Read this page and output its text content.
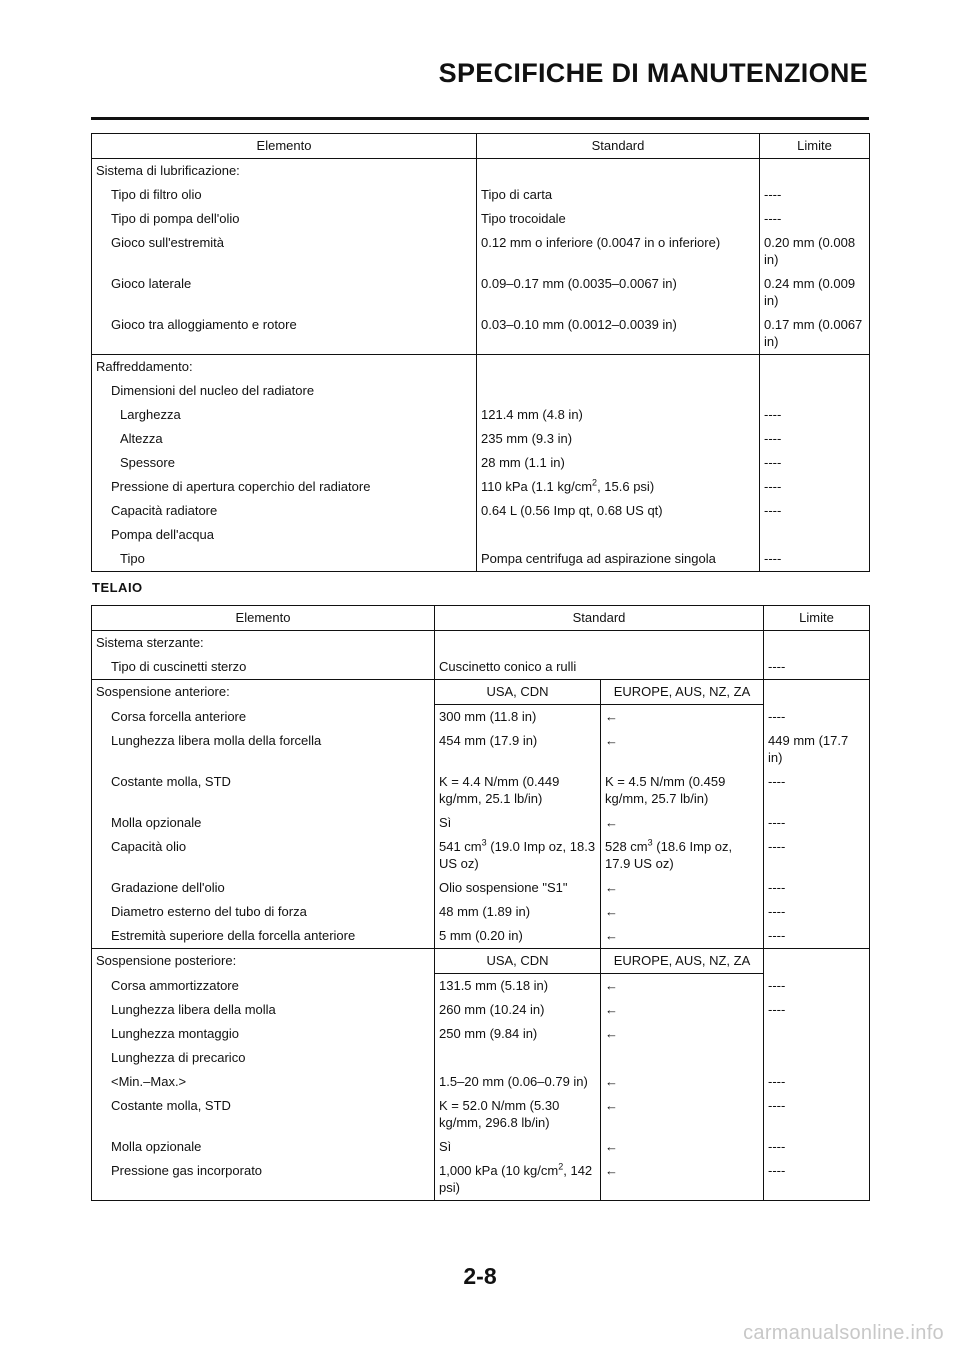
SPECIFICHE DI MANUTENZIONE
Elemento	Standard	Limite
Sistema di lubrificazione:		
Tipo di filtro olio	Tipo di carta	----
Tipo di pompa dell'olio	Tipo trocoidale	----
Gioco sull'estremità	0.12 mm o inferiore (0.0047 in o inferiore)	0.20 mm (0.008 in)
Gioco laterale	0.09–0.17 mm (0.0035–0.0067 in)	0.24 mm (0.009 in)
Gioco tra alloggiamento e rotore	0.03–0.10 mm (0.0012–0.0039 in)	0.17 mm (0.0067 in)
Raffreddamento:		
Dimensioni del nucleo del radiatore		
Larghezza	121.4 mm (4.8 in)	----
Altezza	235 mm (9.3 in)	----
Spessore	28 mm (1.1 in)	----
Pressione di apertura coperchio del radiatore	110 kPa (1.1 $kg/cm^2$, 15.6 psi)	----
Capacità radiatore	0.64 L (0.56 Imp qt, 0.68 US qt)	----
Pompa dell'acqua		
Tipo	Pompa centrifuga ad aspirazione singola	----
TELAIO
Elemento	Standard		Limite
Sistema sterzante:			
Tipo di cuscinetti sterzo	Cuscinetto conico a rulli		----
Sospensione anteriore:	USA, CDN	EUROPE, AUS, NZ, ZA	
Corsa forcella anteriore	300 mm (11.8 in)	←	----
Lunghezza libera molla della forcella	454 mm (17.9 in)	←	449 mm (17.7 in)
Costante molla, STD	K = 4.4 N/mm (0.449 kg/mm, 25.1 lb/in)	K = 4.5 N/mm (0.459 kg/mm, 25.7 lb/in)	----
Molla opzionale	Sì	←	----
Capacità olio	541 $cm^3$ (19.0 Imp oz, 18.3 US oz)	528 $cm^3$ (18.6 Imp oz, 17.9 US oz)	----
Gradazione dell'olio	Olio sospensione "S1"	←	----
Diametro esterno del tubo di forza	48 mm (1.89 in)	←	----
Estremità superiore della forcella anteriore	5 mm (0.20 in)	←	----
Sospensione posteriore:	USA, CDN	EUROPE, AUS, NZ, ZA	
Corsa ammortizzatore	131.5 mm (5.18 in)	←	----
Lunghezza libera della molla	260 mm (10.24 in)	←	----
Lunghezza montaggio	250 mm (9.84 in)	←	
Lunghezza di precarico			
<Min.–Max.>	1.5–20 mm (0.06–0.79 in)	←	----
Costante molla, STD	K = 52.0 N/mm (5.30 kg/mm, 296.8 lb/in)	←	----
Molla opzionale	Sì	←	----
Pressione gas incorporato	1,000 kPa (10 $kg/cm^2$, 142 psi)	←	----
2-8
carmanualsonline.info
